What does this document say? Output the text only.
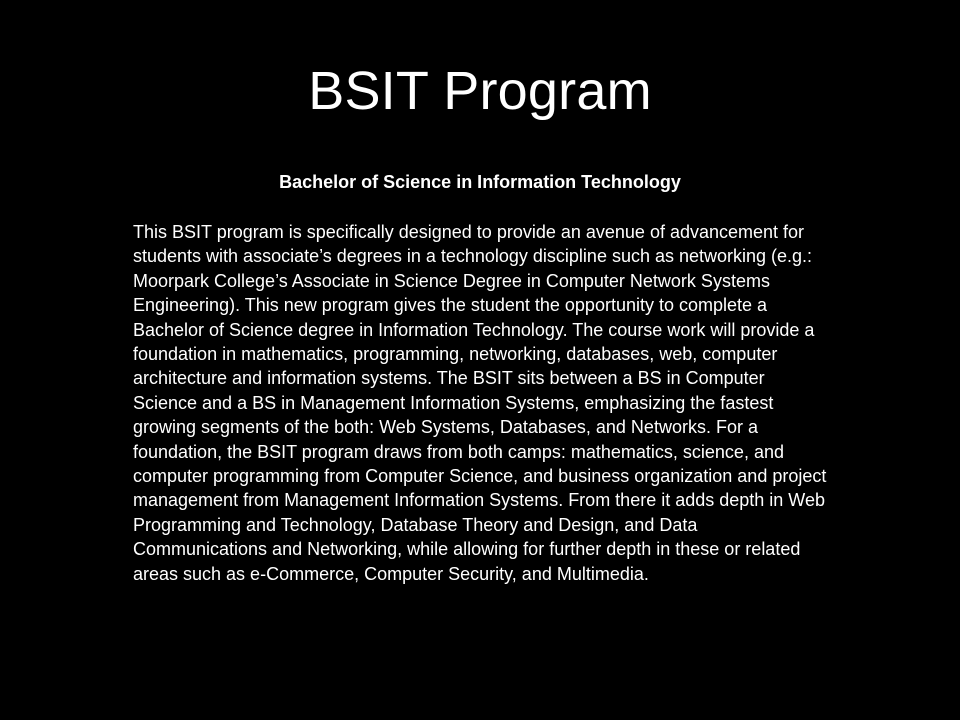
BSIT Program
Bachelor of Science in Information Technology

This BSIT program is specifically designed to provide an avenue of advancement for students with associate’s degrees in a technology discipline such as networking (e.g.: Moorpark College’s Associate in Science Degree in Computer Network Systems Engineering). This new program gives the student the opportunity to complete a Bachelor of Science degree in Information Technology. The course work will provide a foundation in mathematics, programming, networking, databases, web, computer architecture and information systems. The BSIT sits between a BS in Computer Science and a BS in Management Information Systems, emphasizing the fastest growing segments of the both: Web Systems, Databases, and Networks. For a foundation, the BSIT program draws from both camps: mathematics, science, and computer programming from Computer Science, and business organization and project management from Management Information Systems. From there it adds depth in Web Programming and Technology, Database Theory and Design, and Data Communications and Networking, while allowing for further depth in these or related areas such as e-Commerce, Computer Security, and Multimedia.
